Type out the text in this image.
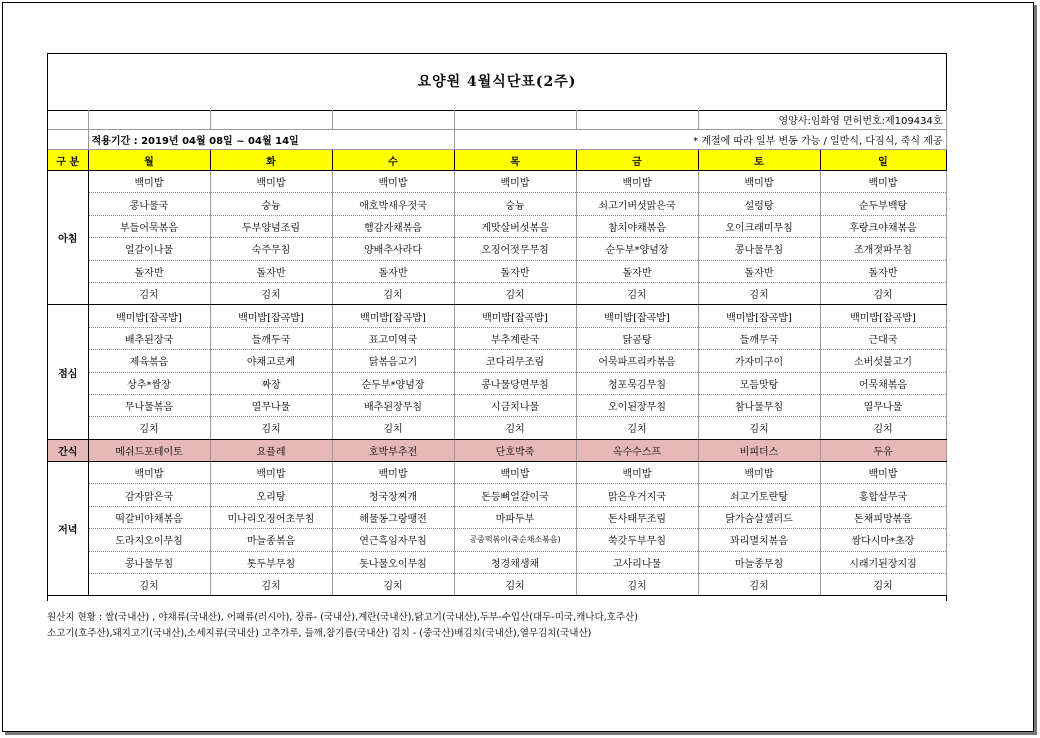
요양원 4월식단표(2주)
						영양사:임화영 면허번호:제109434호
	적용기간 : 2019년 04월 08일 ~ 04월 14일			* 계절에 따라 일부 변동 가능 / 일반식, 다짐식, 죽식 제공		
구 분	월	화	수	목	금	토	일
아침	백미밥	백미밥	백미밥	백미밥	백미밥	백미밥	백미밥
	콩나물국	숭늉	애호박새우젓국	숭늉	쇠고기버섯맑은국	설렁탕	순두부백탕
	부들어묵볶음	두부양념조림	햄감자채볶음	게맛살버섯볶음	참치야채볶음	오이크래미무침	후랑크야채볶음
	얼갈이나물	숙주무침	양배추사라다	오징어젓무무침	순두부*양념장	콩나물무침	조개젓파무침
	돌자반	돌자반	돌자반	돌자반	돌자반	돌자반	돌자반
	김치	김치	김치	김치	김치	김치	김치
점심	백미밥[잡곡밥]	백미밥[잡곡밥]	백미밥[잡곡밥]	백미밥[잡곡밥]	백미밥[잡곡밥]	백미밥[잡곡밥]	백미밥[잡곡밥]
	배추된장국	들깨두국	표고미역국	부추계란국	닭곰탕	들깨무국	근대국
	제육볶음	야채고로케	닭볶음고기	코다리무조림	어묵파프리카볶음	가자미구이	소버섯불고기
	상추*쌈장	짜장	순두부*양념장	콩나물당면무침	청포묵김무침	모듬맛탕	어묵채볶음
	무나물볶음	열무나물	배추된장무침	시금치나물	오이된장무침	참나물무침	열무나물
	김치	김치	김치	김치	김치	김치	김치
간식	메쉬드포테이토	요플레	호박부추전	단호박죽	옥수수스프	비피더스	두유
저녁	백미밥	백미밥	백미밥	백미밥	백미밥	백미밥	백미밥
	감자맑은국	오리탕	청국장찌개	돈등뼈얼갈이국	맑은우거지국	쇠고기토란탕	홍합살무국
	떡갈비야채볶음	미나리오징어초무침	해물동그랑땡전	마파두부	돈사태무조림	닭가슴살샐러드	돈채피망볶음
	도라지오이무침	마늘종볶음	연근흑임자무침	공중떡볶이(죽순채소볶음)	쑥갓두부무침	꽈리멸치볶음	쌈다시마*초장
	콩나물무침	톳두부무침	돗나물오이무침	청경채생채	고사리나물	마늘종무침	시래기된장지짐
	김치	김치	김치	김치	김치	김치	김치
원산지 현황 : 쌀(국내산) , 야채류(국내산), 어패류(러시아), 장류- (국내산),계란(국내산),닭고기(국내산),두부-수입산(대두-미국,캐나다,호주산)
소고기(호주산),돼지고기(국내산),소세지류(국내산) 고추가루, 들깨,참기름(국내산) 김치 - (중국산)배김치(국내산),열무김치(국내산)
